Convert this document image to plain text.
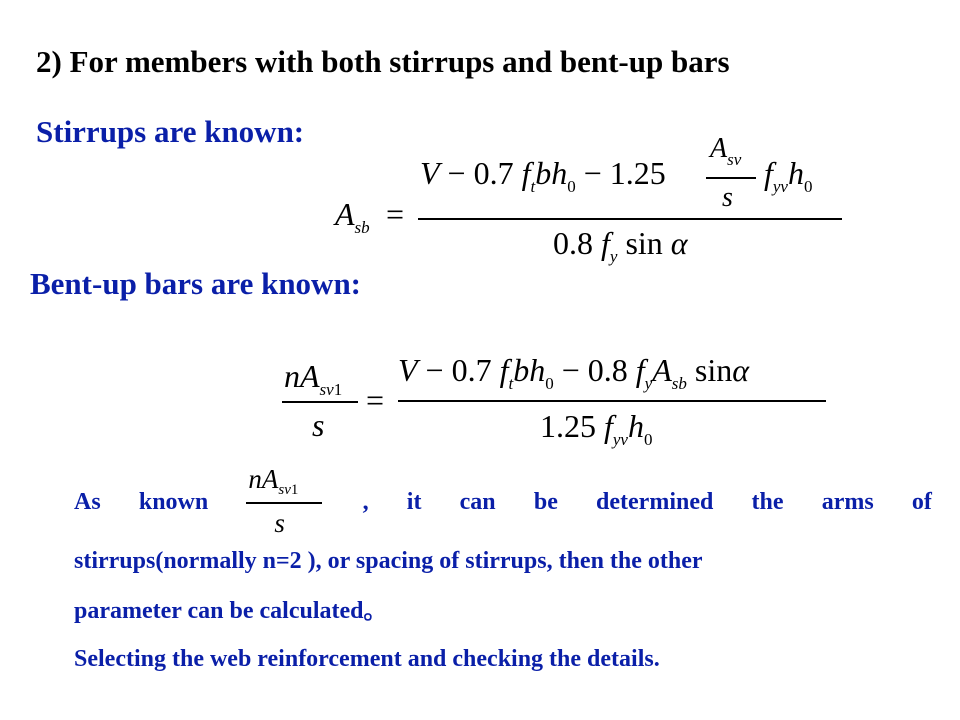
2) For members with both stirrups and bent-up bars
Stirrups are known:
$A_{sb}$ =
V − 0.7 $f_tbh_0 - 1.25$
$A_{sv}$
s
$f_{yv}h_0$
0.8 $f_y$ sin α
Bent-up bars are known:
$nA_{sv1}$
s
=
V − 0.7 $f_tbh_0 - 0.8$ $f_yA_{sb}$ sinα
1.25 $f_{yv}h_0$
As known
$nA_{sv1}$
s
, it can be determined the arms of
stirrups(normally n=2 ), or spacing of stirrups, then the other
parameter can be calculated。
Selecting the web reinforcement and checking the details.
